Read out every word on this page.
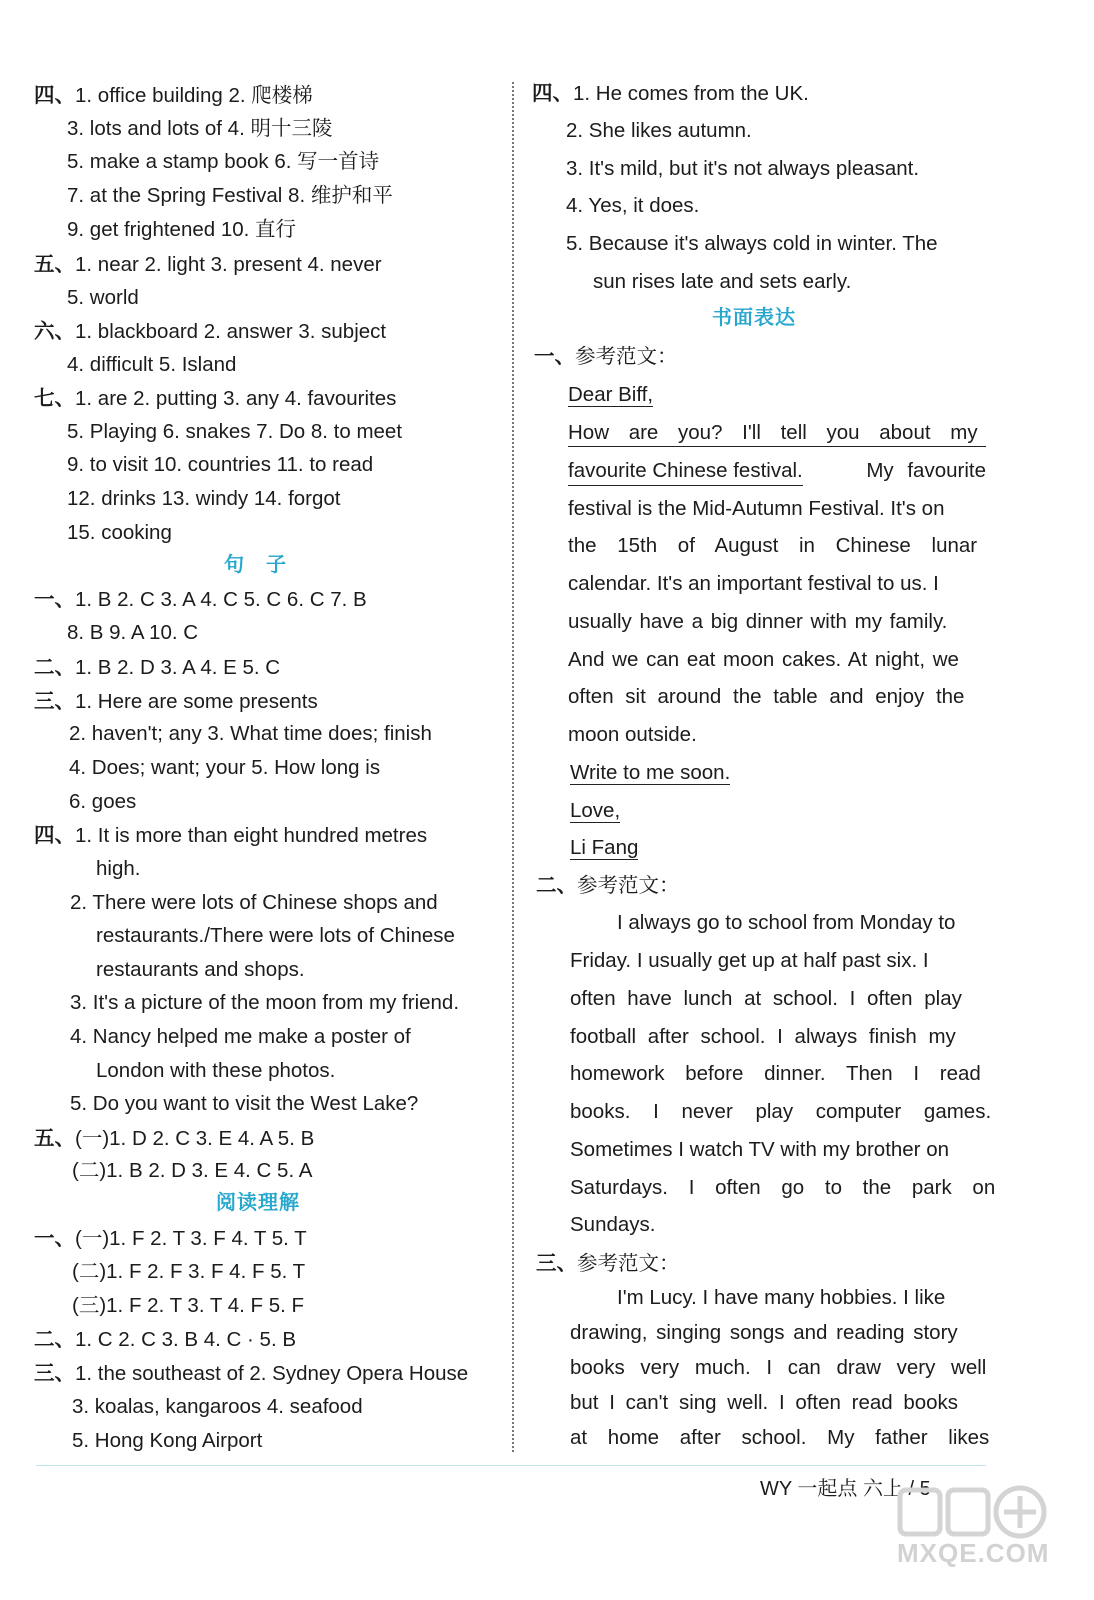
四、1. office building 2. 爬楼梯
3. lots and lots of 4. 明十三陵
5. make a stamp book 6. 写一首诗
7. at the Spring Festival 8. 维护和平
9. get frightened 10. 直行
五、1. near 2. light 3. present 4. never
5. world
六、1. blackboard 2. answer 3. subject
4. difficult 5. Island
七、1. are 2. putting 3. any 4. favourites
5. Playing 6. snakes 7. Do 8. to meet
9. to visit 10. countries 11. to read
12. drinks 13. windy 14. forgot
15. cooking
句　子
一、1. B 2. C 3. A 4. C 5. C 6. C 7. B
8. B 9. A 10. C
二、1. B 2. D 3. A 4. E 5. C
三、1. Here are some presents
2. haven't; any 3. What time does; finish
4. Does; want; your 5. How long is
6. goes
四、1. It is more than eight hundred metres
high.
2. There were lots of Chinese shops and
restaurants./There were lots of Chinese
restaurants and shops.
3. It's a picture of the moon from my friend.
4. Nancy helped me make a poster of
London with these photos.
5. Do you want to visit the West Lake?
五、(一)1. D 2. C 3. E 4. A 5. B
(二)1. B 2. D 3. E 4. C 5. A
阅读理解
一、(一)1. F 2. T 3. F 4. T 5. T
(二)1. F 2. F 3. F 4. F 5. T
(三)1. F 2. T 3. T 4. F 5. F
二、1. C 2. C 3. B 4. C · 5. B
三、1. the southeast of 2. Sydney Opera House
3. koalas, kangaroos 4. seafood
5. Hong Kong Airport
四、1. He comes from the UK.
2. She likes autumn.
3. It's mild, but it's not always pleasant.
4. Yes, it does.
5. Because it's always cold in winter. The
sun rises late and sets early.
书面表达
一、参考范文：
Dear Biff,
How are you? I'll tell you about my
favourite Chinese festival.	My favourite
festival is the Mid-Autumn Festival. It's on
the 15th of August in Chinese lunar
calendar. It's an important festival to us. I
usually have a big dinner with my family.
And we can eat moon cakes. At night, we
often sit around the table and enjoy the
moon outside.
Write to me soon.
Love,
Li Fang
二、参考范文：
I always go to school from Monday to
Friday. I usually get up at half past six. I
often have lunch at school. I often play
football after school. I always finish my
homework before dinner. Then I read
books. I never play computer games.
Sometimes I watch TV with my brother on
Saturdays. I often go to the park on
Sundays.
三、参考范文：
I'm Lucy. I have many hobbies. I like
drawing, singing songs and reading story
books very much. I can draw very well
but I can't sing well. I often read books
at home after school. My father likes
WY 一起点 六上 / 5
MXQE.COM
